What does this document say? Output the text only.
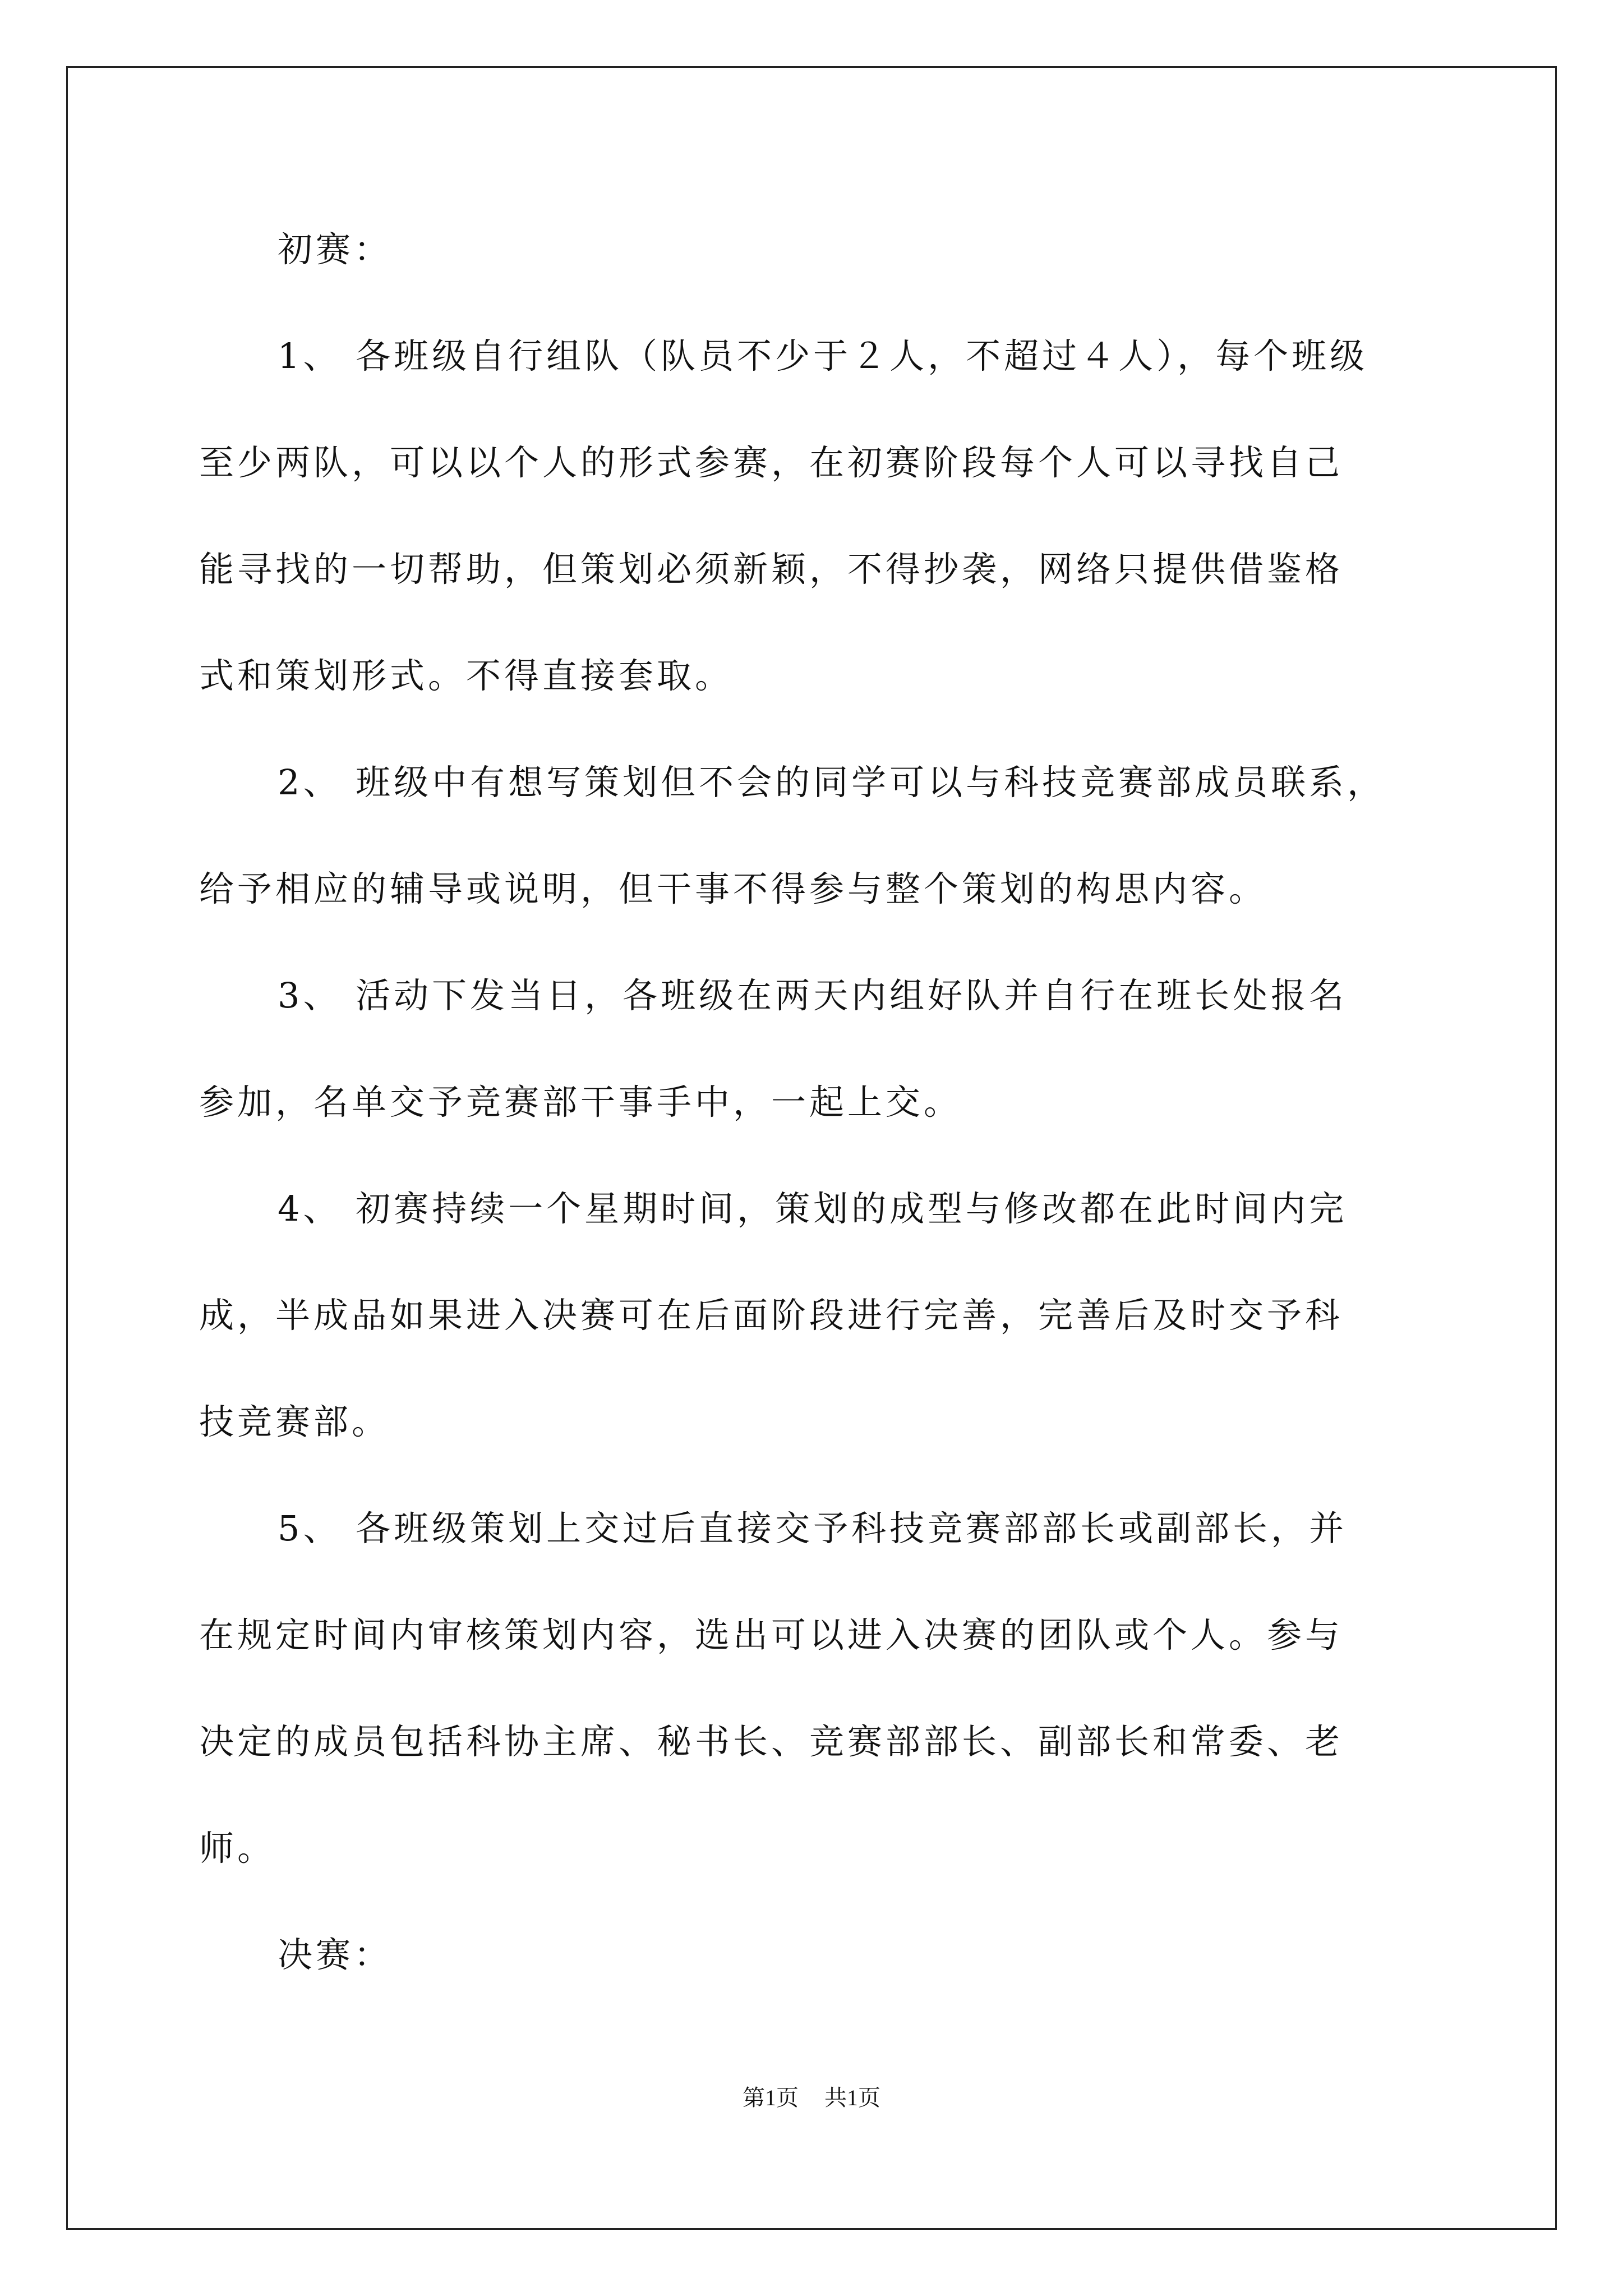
初赛：
1、 各班级自行组队（队员不少于２人，不超过４人），每个班级
至少两队，可以以个人的形式参赛，在初赛阶段每个人可以寻找自己
能寻找的一切帮助，但策划必须新颖，不得抄袭，网络只提供借鉴格
式和策划形式。不得直接套取。
2、 班级中有想写策划但不会的同学可以与科技竞赛部成员联系，
给予相应的辅导或说明，但干事不得参与整个策划的构思内容。
3、 活动下发当日，各班级在两天内组好队并自行在班长处报名
参加，名单交予竞赛部干事手中，一起上交。
4、 初赛持续一个星期时间，策划的成型与修改都在此时间内完
成，半成品如果进入决赛可在后面阶段进行完善，完善后及时交予科
技竞赛部。
5、 各班级策划上交过后直接交予科技竞赛部部长或副部长，并
在规定时间内审核策划内容，选出可以进入决赛的团队或个人。参与
决定的成员包括科协主席、秘书长、竞赛部部长、副部长和常委、老
师。
决赛：
第1页 共1页
